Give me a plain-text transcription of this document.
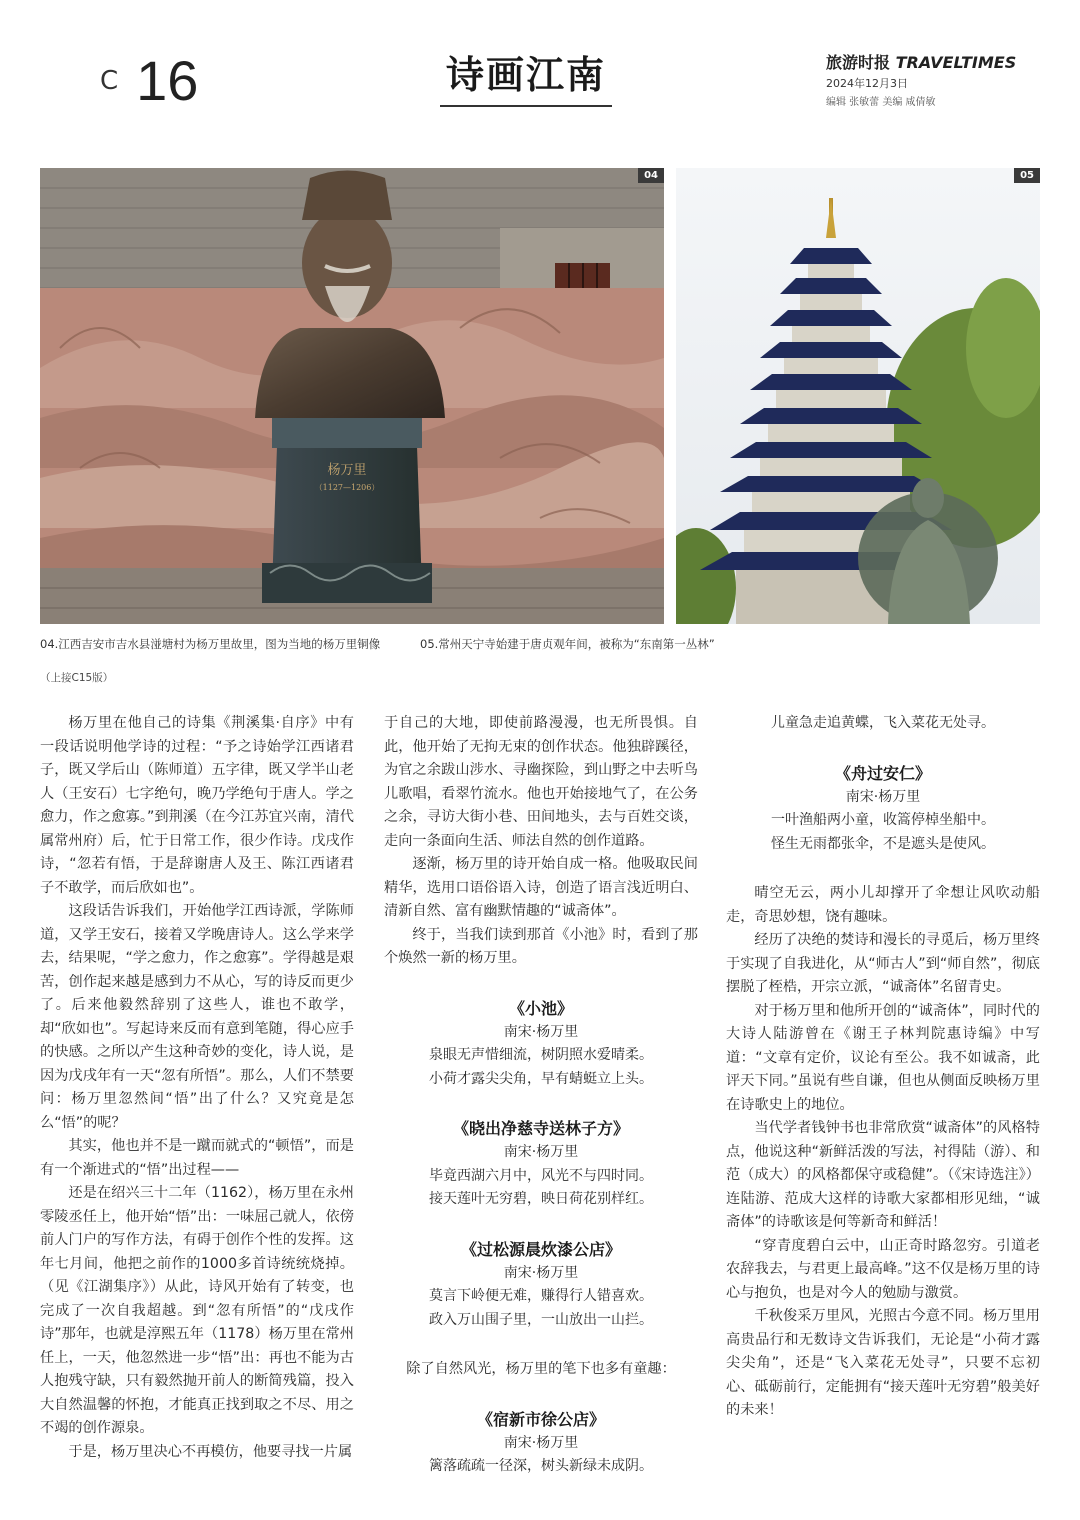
C 16	诗画江南	旅游时报 TRAVELTIMES
2024年12月3日
编辑 张敏蕾 美编 咸倩敏
杨万里
（1127—1206）
04	05
04.江西吉安市吉水县湴塘村为杨万里故里，图为当地的杨万里铜像	05.常州天宁寺始建于唐贞观年间，被称为“东南第一丛林”
（上接C15版）

杨万里在他自己的诗集《荆溪集·自序》中有一段话说明他学诗的过程：“予之诗始学江西诸君子，既又学后山（陈师道）五字律，既又学半山老人（王安石）七字绝句，晚乃学绝句于唐人。学之愈力，作之愈寡。”到荆溪（在今江苏宜兴南，清代属常州府）后，忙于日常工作，很少作诗。戊戌作诗，“忽若有悟，于是辞谢唐人及王、陈江西诸君子不敢学，而后欣如也”。

这段话告诉我们，开始他学江西诗派，学陈师道，又学王安石，接着又学晚唐诗人。这么学来学去，结果呢，“学之愈力，作之愈寡”。学得越是艰苦，创作起来越是感到力不从心，写的诗反而更少了。后来他毅然辞别了这些人，谁也不敢学，却“欣如也”。写起诗来反而有意到笔随，得心应手的快感。之所以产生这种奇妙的变化，诗人说，是因为戊戌年有一天“忽有所悟”。那么，人们不禁要问：杨万里忽然间“悟”出了什么？又究竟是怎么“悟”的呢？

其实，他也并不是一蹴而就式的“顿悟”，而是有一个渐进式的“悟”出过程——

还是在绍兴三十二年（1162），杨万里在永州零陵丞任上，他开始“悟”出：一味屈己就人，依傍前人门户的写作方法，有碍于创作个性的发挥。这年七月间，他把之前作的1000多首诗统统烧掉。（见《江湖集序》）从此，诗风开始有了转变，也完成了一次自我超越。到“忽有所悟”的“戊戌作诗”那年，也就是淳熙五年（1178）杨万里在常州任上，一天，他忽然进一步“悟”出：再也不能为古人抱残守缺，只有毅然抛开前人的断简残篇，投入大自然温馨的怀抱，才能真正找到取之不尽、用之不竭的创作源泉。

于是，杨万里决心不再模仿，他要寻找一片属

于自己的大地，即使前路漫漫，也无所畏惧。自此，他开始了无拘无束的创作状态。他独辟蹊径，为官之余跋山涉水、寻幽探险，到山野之中去听鸟儿歌唱，看翠竹流水。他也开始接地气了，在公务之余，寻访大街小巷、田间地头，去与百姓交谈，走向一条面向生活、师法自然的创作道路。

逐渐，杨万里的诗开始自成一格。他吸取民间精华，选用口语俗语入诗，创造了语言浅近明白、清新自然、富有幽默情趣的“诚斋体”。

终于，当我们读到那首《小池》时，看到了那个焕然一新的杨万里。

《小池》
南宋·杨万里
泉眼无声惜细流，树阴照水爱晴柔。
小荷才露尖尖角，早有蜻蜓立上头。
《晓出净慈寺送林子方》
南宋·杨万里
毕竟西湖六月中，风光不与四时同。
接天莲叶无穷碧，映日荷花别样红。
《过松源晨炊漆公店》
南宋·杨万里
莫言下岭便无难，赚得行人错喜欢。
政入万山围子里，一山放出一山拦。

除了自然风光，杨万里的笔下也多有童趣：

《宿新市徐公店》
南宋·杨万里
篱落疏疏一径深，树头新绿未成阴。
儿童急走追黄蝶，飞入菜花无处寻。
《舟过安仁》
南宋·杨万里
一叶渔船两小童，收篙停棹坐船中。
怪生无雨都张伞，不是遮头是使风。

晴空无云，两小儿却撑开了伞想让风吹动船走，奇思妙想，饶有趣味。

经历了决绝的焚诗和漫长的寻觅后，杨万里终于实现了自我进化，从“师古人”到“师自然”，彻底摆脱了桎梏，开宗立派，“诚斋体”名留青史。

对于杨万里和他所开创的“诚斋体”，同时代的大诗人陆游曾在《谢王子林判院惠诗编》中写道：“文章有定价，议论有至公。我不如诚斋，此评天下同。”虽说有些自谦，但也从侧面反映杨万里在诗歌史上的地位。

当代学者钱钟书也非常欣赏“诚斋体”的风格特点，他说这种“新鲜活泼的写法，衬得陆（游）、和范（成大）的风格都保守或稳健”。（《宋诗选注》）连陆游、范成大这样的诗歌大家都相形见绌，“诚斋体”的诗歌该是何等新奇和鲜活！

“穿青度碧白云中，山正奇时路忽穷。引道老农辞我去，与君更上最高峰。”这不仅是杨万里的诗心与抱负，也是对今人的勉励与激赏。

千秋俊采万里风，光照古今意不同。杨万里用高贵品行和无数诗文告诉我们，无论是“小荷才露尖尖角”，还是“飞入菜花无处寻”，只要不忘初心、砥砺前行，定能拥有“接天莲叶无穷碧”般美好的未来！
